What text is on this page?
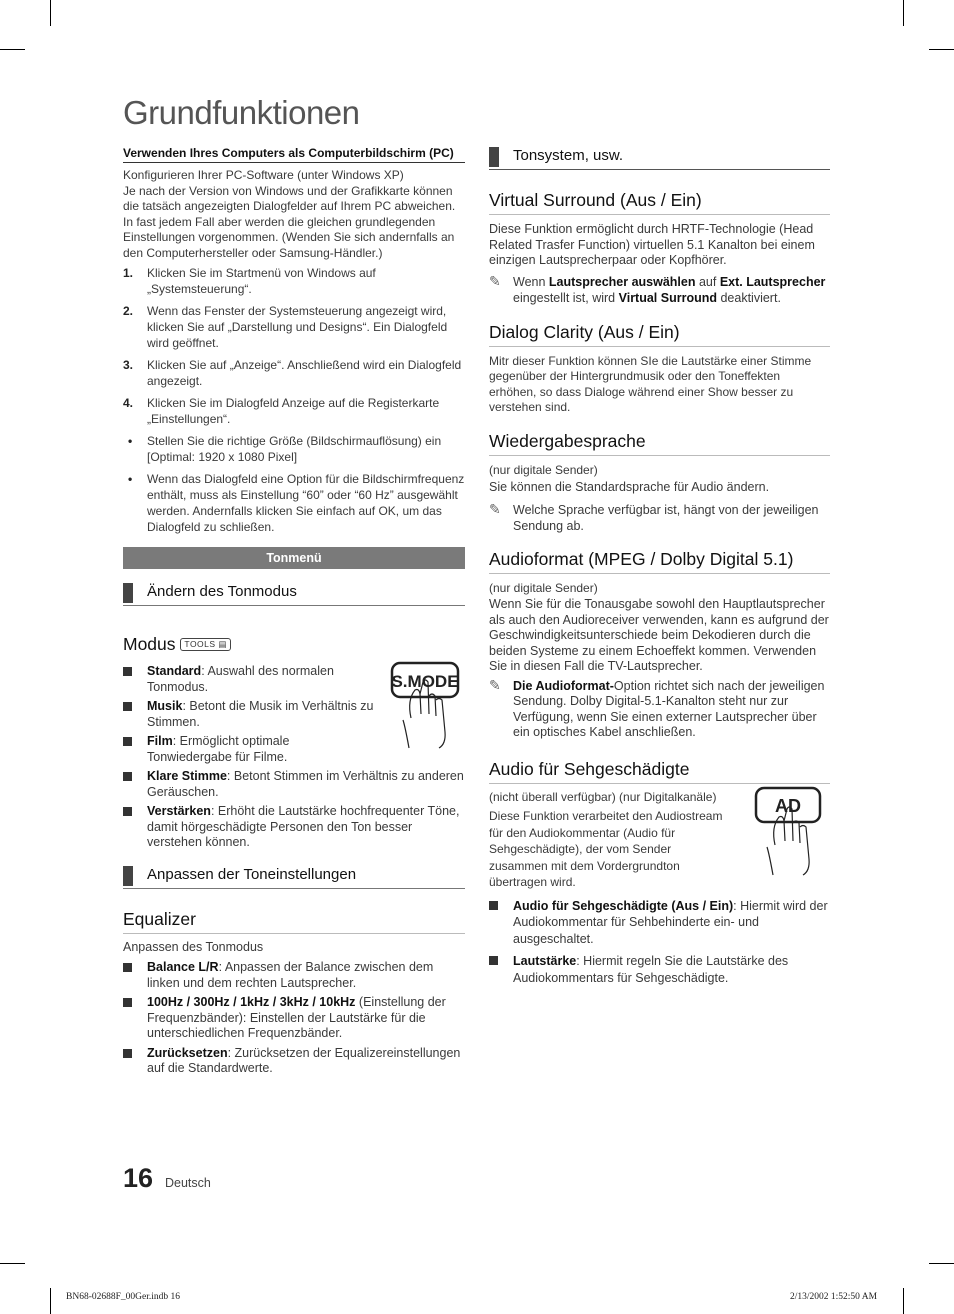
Grundfunktionen

Verwenden Ihres Computers als Computerbildschirm (PC)

Konfigurieren Ihrer PC-Software (unter Windows XP)

Je nach der Version von Windows und der Grafikkarte können die tatsäch angezeigten Dialogfelder auf Ihrem PC abweichen. In fast jedem Fall aber werden die gleichen grundlegenden Einstellungen vorgenommen. (Wenden Sie sich andernfalls an den Computerhersteller oder Samsung-Händler.)

1. Klicken Sie im Startmenü von Windows auf „Systemsteuerung“.
2. Wenn das Fenster der Systemsteuerung angezeigt wird, klicken Sie auf „Darstellung und Designs“. Ein Dialogfeld wird geöffnet.
3. Klicken Sie auf „Anzeige“. Anschließend wird ein Dialogfeld angezeigt.
4. Klicken Sie im Dialogfeld Anzeige auf die Registerkarte „Einstellungen“.
• Stellen Sie die richtige Größe (Bildschirmauflösung) ein [Optimal: 1920 x 1080 Pixel]
• Wenn das Dialogfeld eine Option für die Bildschirmfrequenz enthält, muss als Einstellung “60” oder “60 Hz” ausgewählt werden. Andernfalls klicken Sie einfach auf OK, um das Dialogfeld zu schließen.
Tonmenü
Ändern des Tonmodus
Modus TOOLS ▤
S.MODE
Standard: Auswahl des normalen Tonmodus.
Musik: Betont die Musik im Verhältnis zu Stimmen.
Film: Ermöglicht optimale Tonwiedergabe für Filme.
Klare Stimme: Betont Stimmen im Verhältnis zu anderen Geräuschen.
Verstärken: Erhöht die Lautstärke hochfrequenter Töne, damit hörgeschädigte Personen den Ton besser verstehen können.
Anpassen der Toneinstellungen
Equalizer

Anpassen des Tonmodus

Balance L/R: Anpassen der Balance zwischen dem linken und dem rechten Lautsprecher.
100Hz / 300Hz / 1kHz / 3kHz / 10kHz (Einstellung der Frequenzbänder): Einstellen der Lautstärke für die unterschiedlichen Frequenzbänder.
Zurücksetzen: Zurücksetzen der Equalizereinstellungen auf die Standardwerte.
Tonsystem, usw.
Virtual Surround (Aus / Ein)

Diese Funktion ermöglicht durch HRTF-Technologie (Head Related Trasfer Function) virtuellen 5.1 Kanalton bei einem einzigen Lautsprecherpaar oder Kopfhörer.

✎ Wenn Lautsprecher auswählen auf Ext. Lautsprecher eingestellt ist, wird Virtual Surround deaktiviert.
Dialog Clarity (Aus / Ein)

Mitr dieser Funktion können SIe die Lautstärke einer Stimme gegenüber der Hintergrundmusik oder den Toneffekten erhöhen, so dass Dialoge während einer Show besser zu verstehen sind.

Wiedergabesprache

(nur digitale Sender)

Sie können die Standardsprache für Audio ändern.

✎ Welche Sprache verfügbar ist, hängt von der jeweiligen Sendung ab.
Audioformat (MPEG / Dolby Digital 5.1)

(nur digitale Sender)

Wenn Sie für die Tonausgabe sowohl den Hauptlautsprecher als auch den Audioreceiver verwenden, kann es aufgrund der Geschwindigkeitsunterschiede beim Dekodieren durch die beiden Systeme zu einem Echoeffekt kommen. Verwenden Sie in diesen Fall die TV-Lautsprecher.

✎ Die Audioformat-Option richtet sich nach der jeweiligen Sendung. Dolby Digital-5.1-Kanalton steht nur zur Verfügung, wenn Sie einen externer Lautsprecher über ein optisches Kabel anschließen.
Audio für Sehgeschädigte
AD

(nicht überall verfügbar) (nur Digitalkanäle)

Diese Funktion verarbeitet den Audiostream für den Audiokommentar (Audio für Sehgeschädigte), der vom Sender zusammen mit dem Vordergrundton übertragen wird.

Audio für Sehgeschädigte (Aus / Ein): Hiermit wird der Audiokommentar für Sehbehinderte ein- und ausgeschaltet.
Lautstärke: Hiermit regeln Sie die Lautstärke des Audiokommentars für Sehgeschädigte.
16 Deutsch
BN68-02688F_00Ger.indb 16	2/13/2002 1:52:50 AM
